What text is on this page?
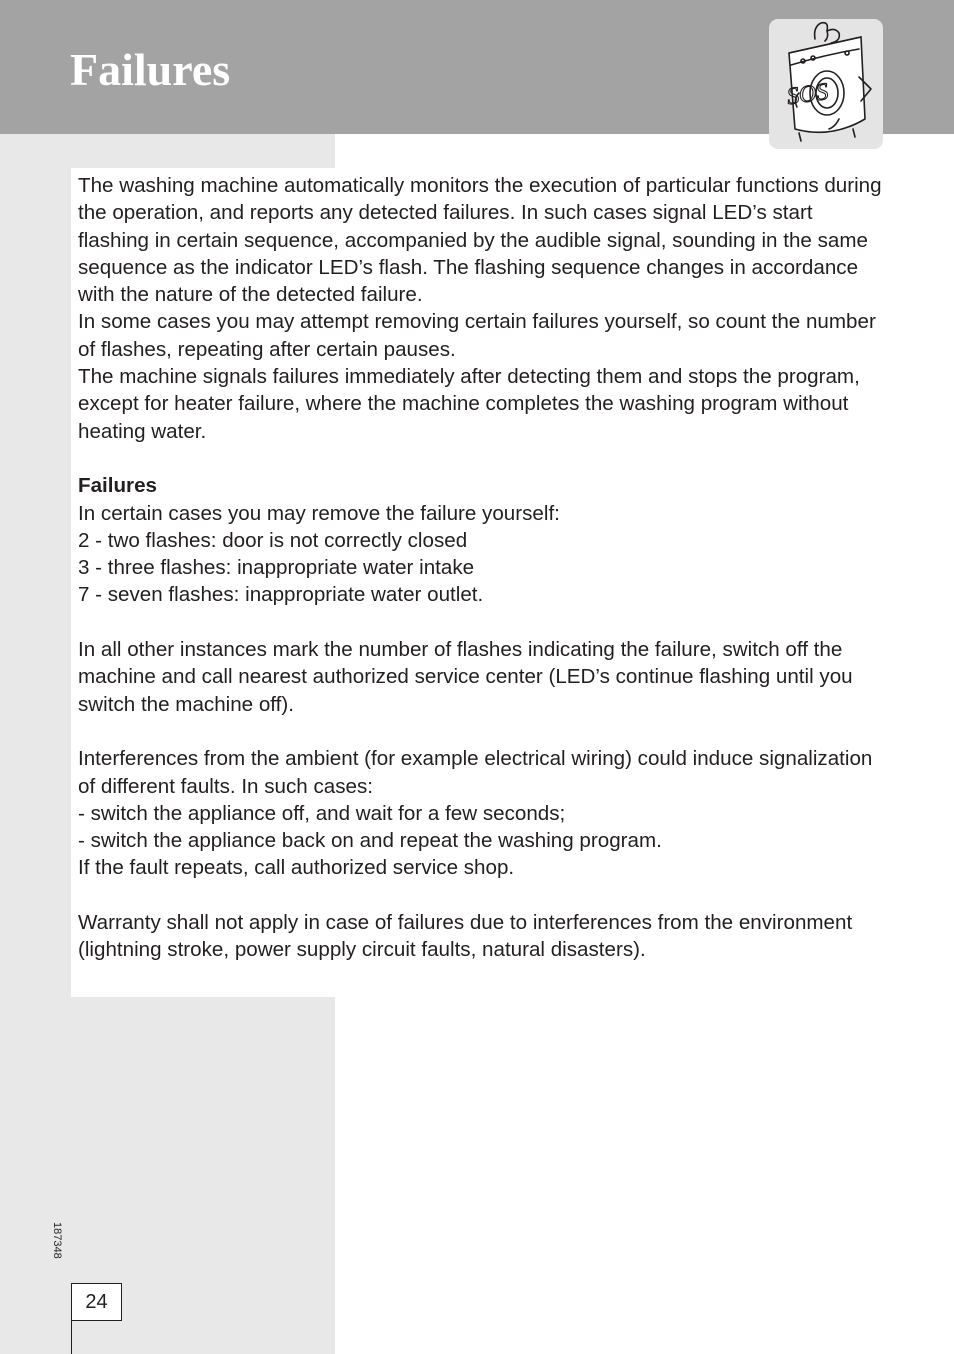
Failures	SOS

The washing machine automatically monitors the execution of particular functions during the operation, and reports any detected failures. In such cases signal LED’s start flashing in certain sequence, accompanied by the audible signal, sounding in the same sequence as the indicator LED’s flash. The flashing sequence changes in accordance with the nature of the detected failure.

In some cases you may attempt removing certain failures yourself, so count the number of flashes, repeating after certain pauses.

The machine signals failures immediately after detecting them and stops the program, except for heater failure, where the machine completes the washing program without heating water.

Failures

In certain cases you may remove the failure yourself:

2 - two flashes: door is not correctly closed

3 - three flashes: inappropriate water intake

7 - seven flashes: inappropriate water outlet.

In all other instances mark the number of flashes indicating the failure, switch off the machine and call nearest authorized service center (LED’s continue flashing until you switch the machine off).

Interferences from the ambient (for example electrical wiring) could induce signalization of different faults. In such cases:

- switch the appliance off, and wait for a few seconds;

- switch the appliance back on and repeat the washing program.

If the fault repeats, call authorized service shop.

Warranty shall not apply in case of failures due to interferences from the environment (lightning stroke, power supply circuit faults, natural disasters).

187348
24
